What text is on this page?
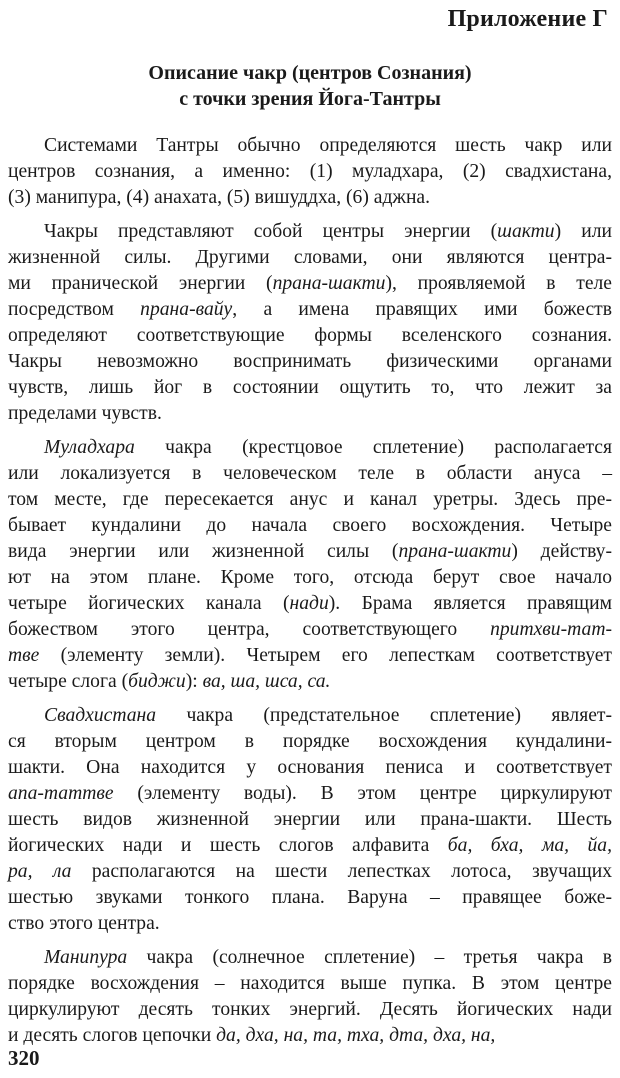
Приложение Г
Описание чакр (центров Сознания)
с точки зрения Йога-Тантры
Системами Тантры обычно определяются шесть чакр или
центров сознания, а именно: (1) муладхара, (2) свадхистана,
(3) манипура, (4) анахата, (5) вишуддха, (6) аджна.
Чакры представляют собой центры энергии (шакти) или
жизненной силы. Другими словами, они являются центра-
ми пранической энергии (прана-шакти), проявляемой в теле
посредством прана-вайу, а имена правящих ими божеств
определяют соответствующие формы вселенского сознания.
Чакры невозможно воспринимать физическими органами
чувств, лишь йог в состоянии ощутить то, что лежит за
пределами чувств.
Муладхара чакра (крестцовое сплетение) располагается
или локализуется в человеческом теле в области ануса –
том месте, где пересекается анус и канал уретры. Здесь пре-
бывает кундалини до начала своего восхождения. Четыре
вида энергии или жизненной силы (прана-шакти) действу-
ют на этом плане. Кроме того, отсюда берут свое начало
четыре йогических канала (нади). Брама является правящим
божеством этого центра, соответствующего притхви-тат-
тве (элементу земли). Четырем его лепесткам соответствует
четыре слога (биджи): ва, ша, шса, са.
Свадхистана чакра (предстательное сплетение) являет-
ся вторым центром в порядке восхождения кундалини-
шакти. Она находится у основания пениса и соответствует
апа-таттве (элементу воды). В этом центре циркулируют
шесть видов жизненной энергии или прана-шакти. Шесть
йогических нади и шесть слогов алфавита ба, бха, ма, йа,
ра, ла располагаются на шести лепестках лотоса, звучащих
шестью звуками тонкого плана. Варуна – правящее боже-
ство этого центра.
Манипура чакра (солнечное сплетение) – третья чакра в
порядке восхождения – находится выше пупка. В этом центре
циркулируют десять тонких энергий. Десять йогических нади
и десять слогов цепочки да, дха, на, та, тха, дта, дха, на,
320
